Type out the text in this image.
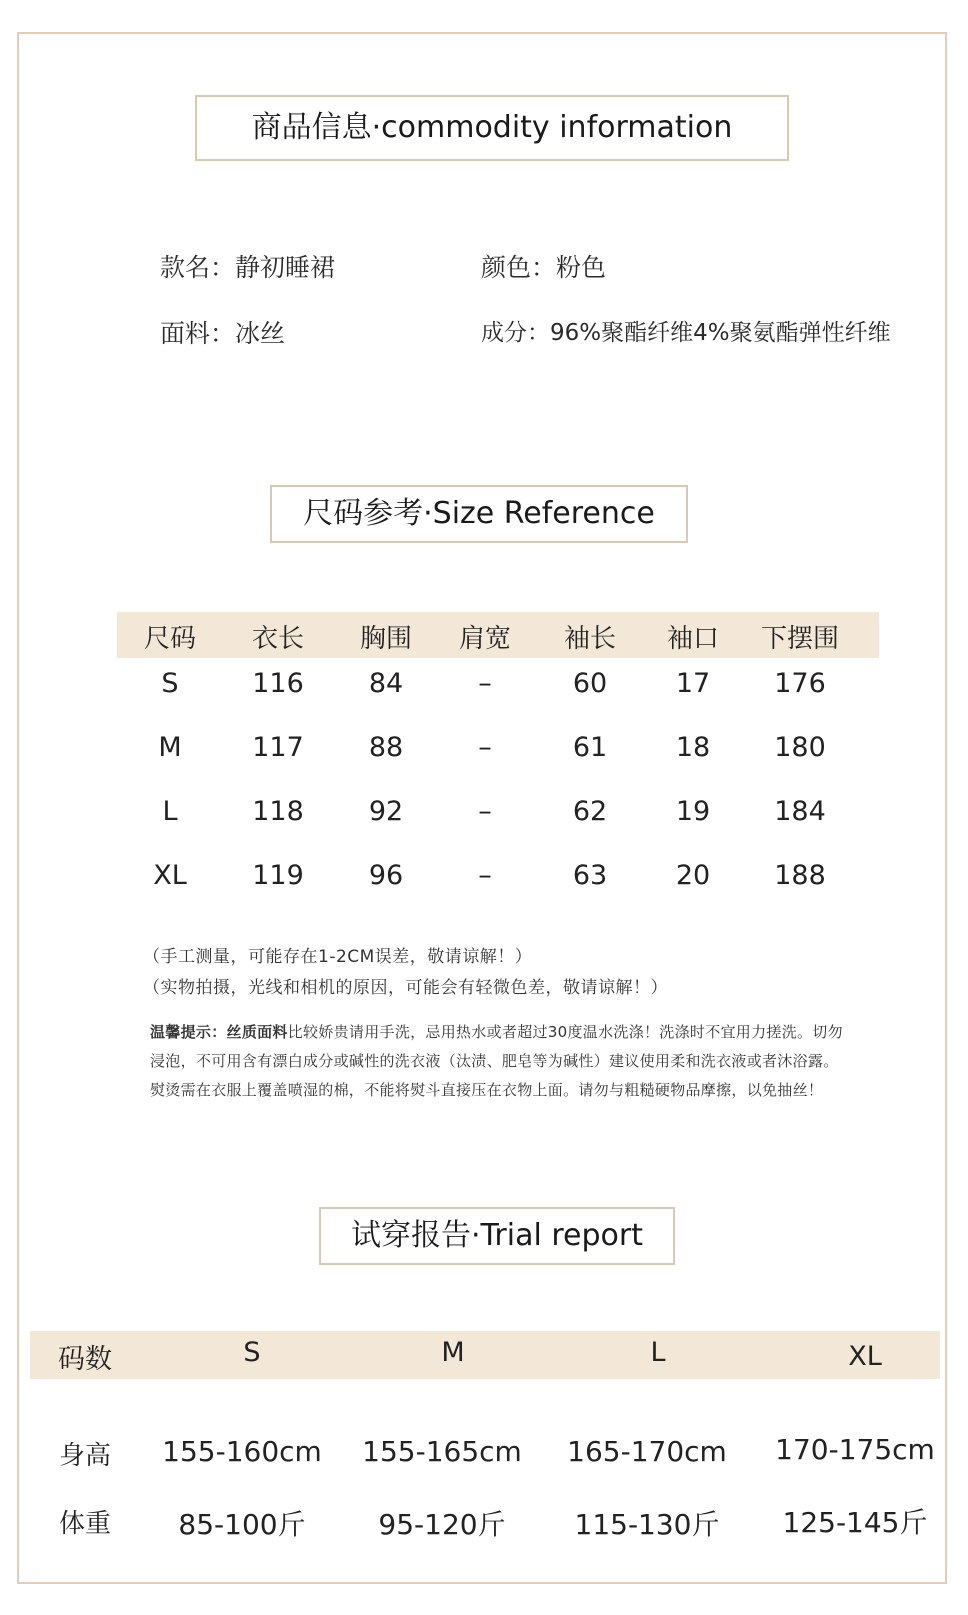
商品信息·commodity information
款名：静初睡裙	颜色：粉色
面料：冰丝	成分：96%聚酯纤维4%聚氨酯弹性纤维
尺码参考·Size Reference
尺码 衣长 胸围 肩宽 袖长 袖口	下摆围
S	116	84	–	60	17	176
M	117	88	–	61	18	180
L	118	92	–	62	19	184
XL	119	96	–	63	20	188
（手工测量，可能存在1-2CM误差，敬请谅解！）
（实物拍摄，光线和相机的原因，可能会有轻微色差，敬请谅解！）
温馨提示：丝质面料比较娇贵请用手洗，忌用热水或者超过30度温水洗涤！洗涤时不宜用力搓洗。切勿浸泡，不可用含有漂白成分或碱性的洗衣液（汰渍、肥皂等为碱性）建议使用柔和洗衣液或者沐浴露。熨烫需在衣服上覆盖喷湿的棉，不能将熨斗直接压在衣物上面。请勿与粗糙硬物品摩擦，以免抽丝！
试穿报告·Trial report
码数	S	M	L	XL
身高	155-160cm	155-165cm	165-170cm	170-175cm
体重	85-100斤	95-120斤	115-130斤	125-145斤
